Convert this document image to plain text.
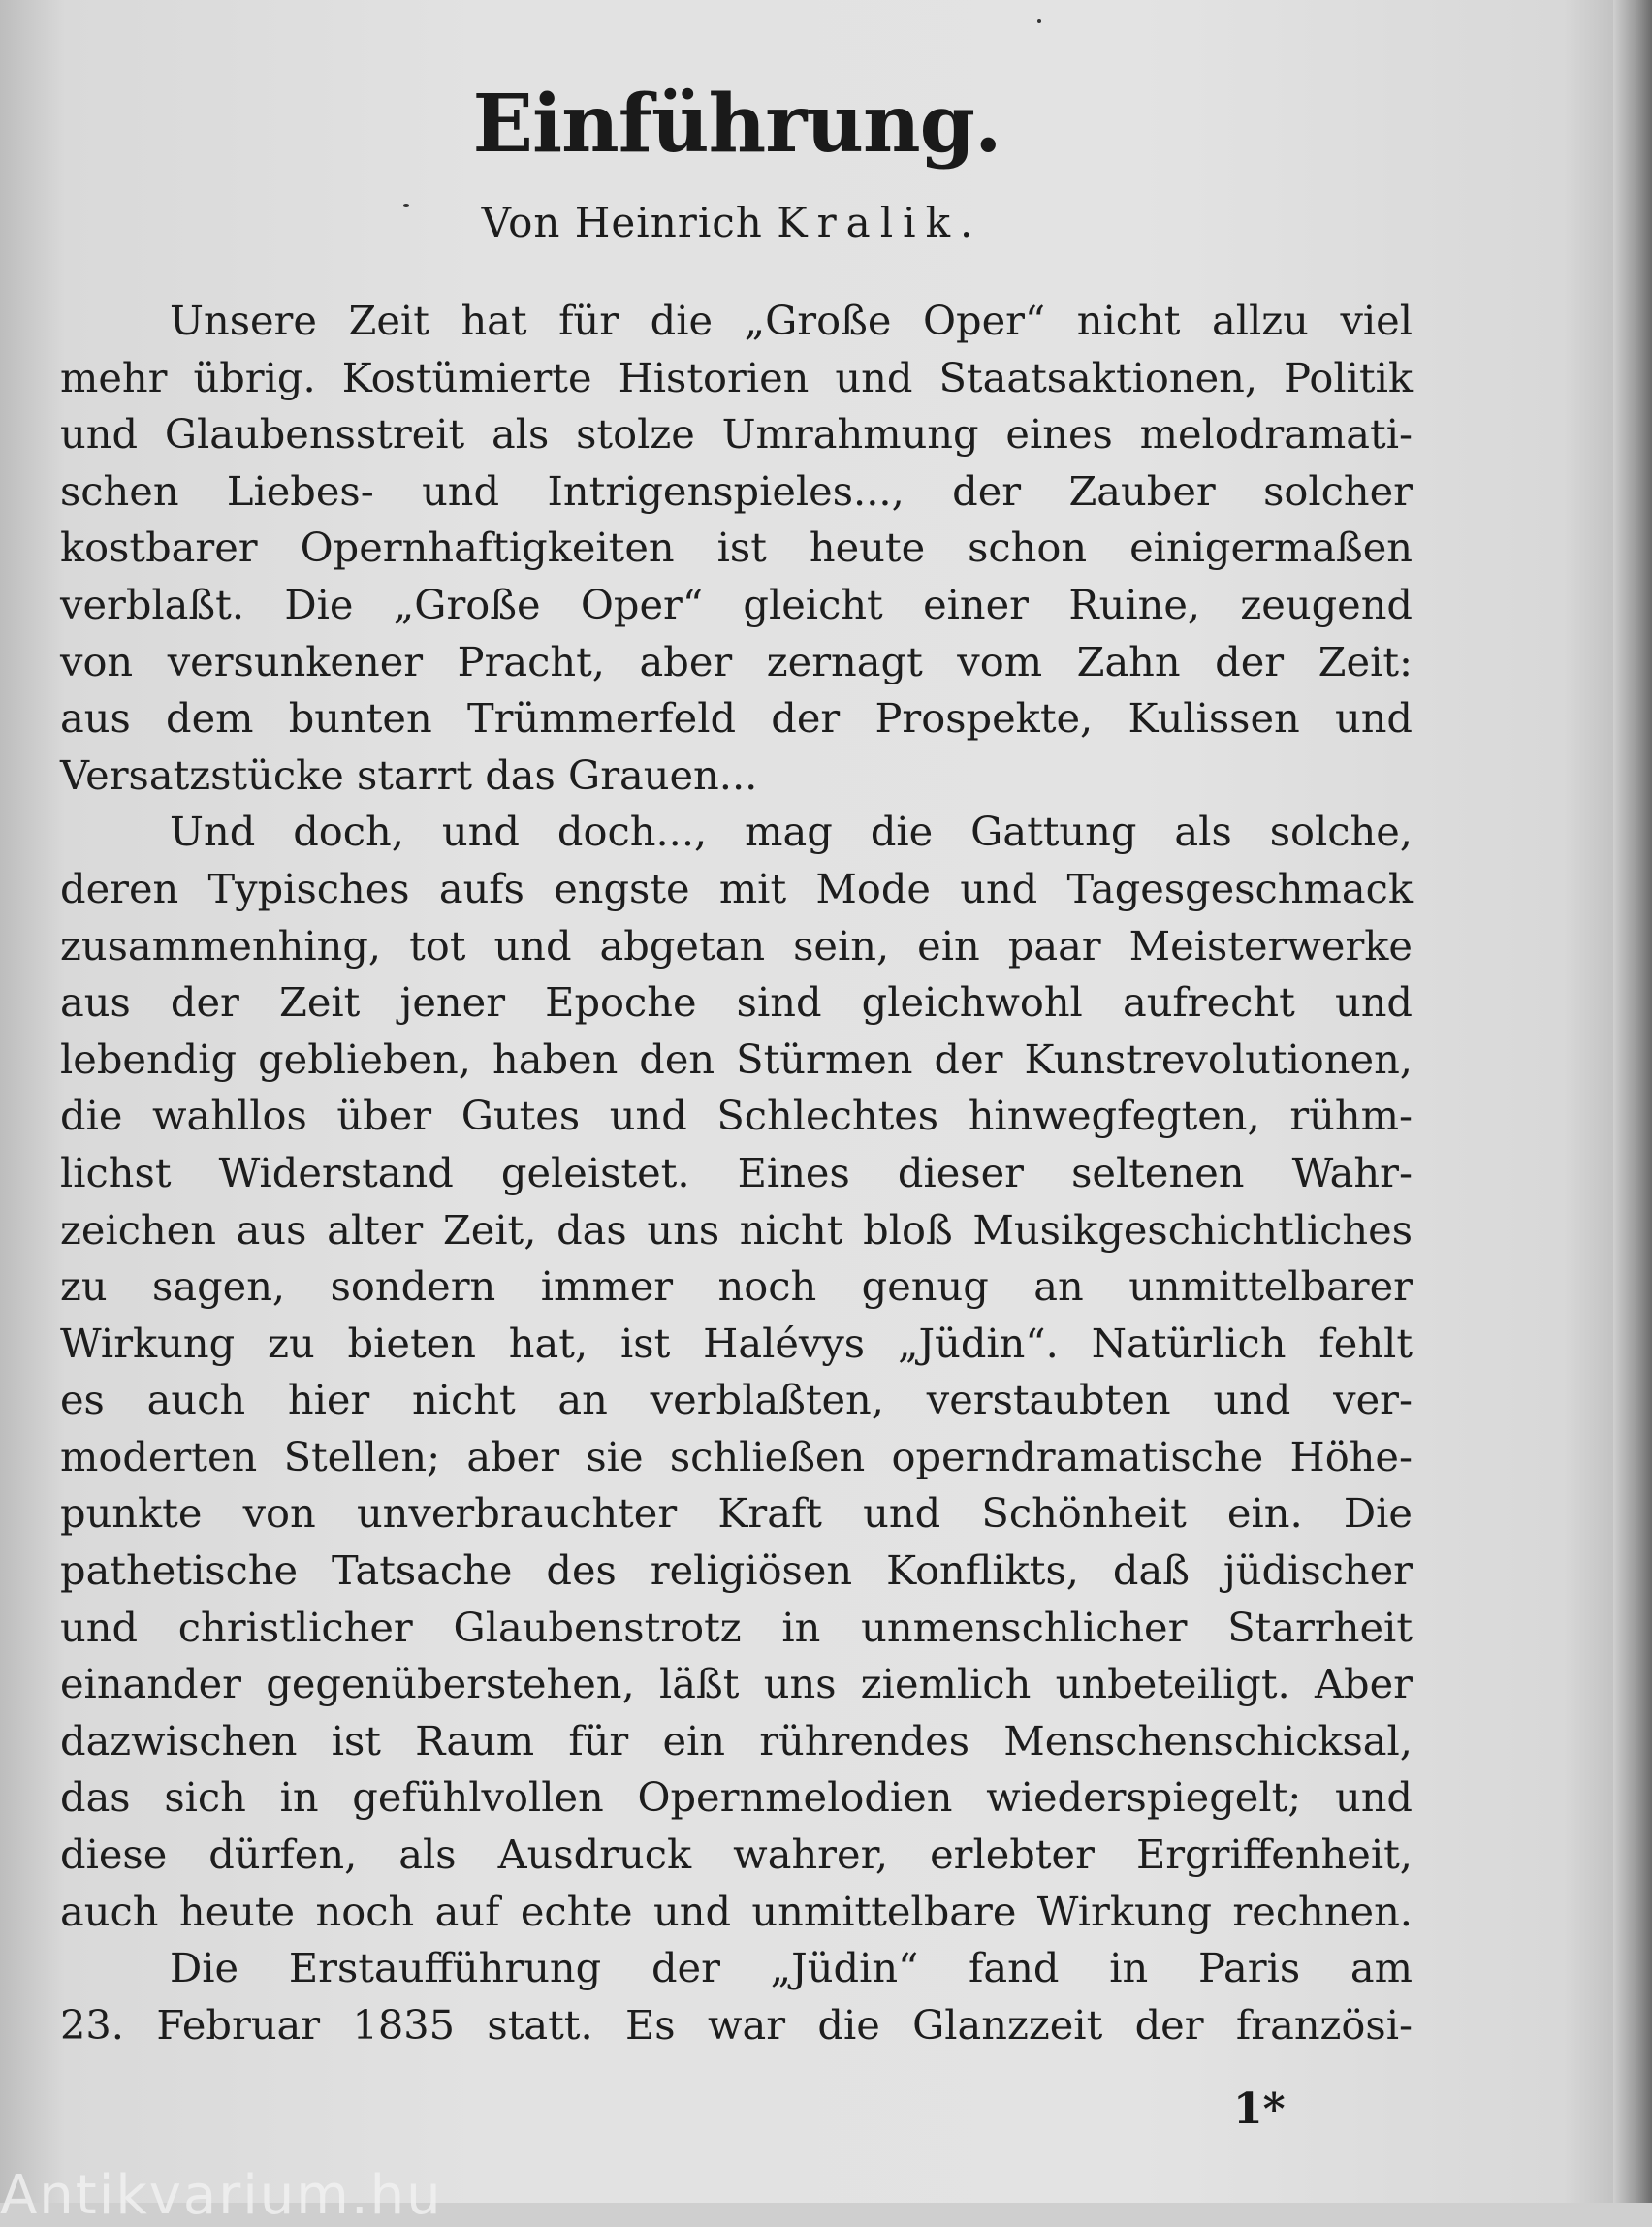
Einführung.
Von Heinrich Kralik.
Unsere Zeit hat für die „Große Oper“ nicht allzu viel
mehr übrig. Kostümierte Historien und Staatsaktionen, Politik
und Glaubensstreit als stolze Umrahmung eines melodramati-
schen Liebes- und Intrigenspieles..., der Zauber solcher
kostbarer Opernhaftigkeiten ist heute schon einigermaßen
verblaßt. Die „Große Oper“ gleicht einer Ruine, zeugend
von versunkener Pracht, aber zernagt vom Zahn der Zeit:
aus dem bunten Trümmerfeld der Prospekte, Kulissen und
Versatzstücke starrt das Grauen...
Und doch, und doch..., mag die Gattung als solche,
deren Typisches aufs engste mit Mode und Tagesgeschmack
zusammenhing, tot und abgetan sein, ein paar Meisterwerke
aus der Zeit jener Epoche sind gleichwohl aufrecht und
lebendig geblieben, haben den Stürmen der Kunstrevolutionen,
die wahllos über Gutes und Schlechtes hinwegfegten, rühm-
lichst Widerstand geleistet. Eines dieser seltenen Wahr-
zeichen aus alter Zeit, das uns nicht bloß Musikgeschichtliches
zu sagen, sondern immer noch genug an unmittelbarer
Wirkung zu bieten hat, ist Halévys „Jüdin“. Natürlich fehlt
es auch hier nicht an verblaßten, verstaubten und ver-
moderten Stellen; aber sie schließen operndramatische Höhe-
punkte von unverbrauchter Kraft und Schönheit ein. Die
pathetische Tatsache des religiösen Konflikts, daß jüdischer
und christlicher Glaubenstrotz in unmenschlicher Starrheit
einander gegenüberstehen, läßt uns ziemlich unbeteiligt. Aber
dazwischen ist Raum für ein rührendes Menschenschicksal,
das sich in gefühlvollen Opernmelodien wiederspiegelt; und
diese dürfen, als Ausdruck wahrer, erlebter Ergriffenheit,
auch heute noch auf echte und unmittelbare Wirkung rechnen.
Die Erstaufführung der „Jüdin“ fand in Paris am
23. Februar 1835 statt. Es war die Glanzzeit der französi-
1*
Antikvarium.hu
